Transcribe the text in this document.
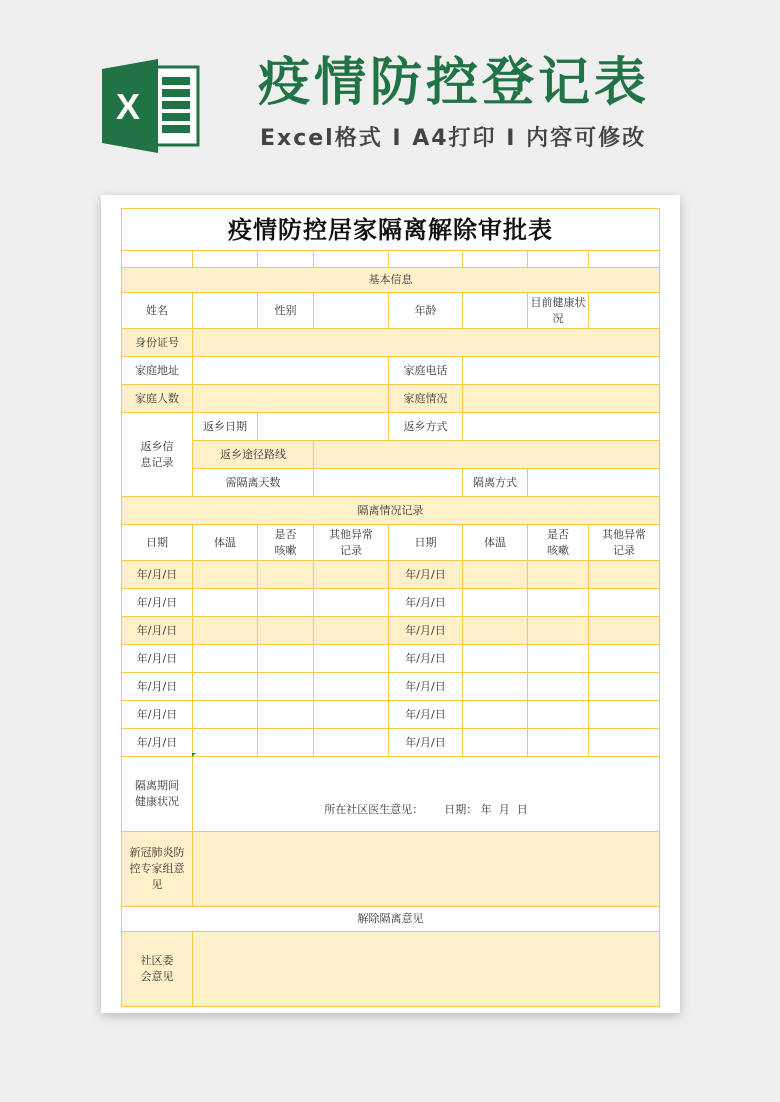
X 疫情防控登记表
Excel格式 I A4打印 I 内容可修改
疫情防控居家隔离解除审批表							

基本信息							
姓名		性别		年龄		目前健康状况	
身份证号							
家庭地址				家庭电话			
家庭人数				家庭情况			
返乡信息记录	返乡日期			返乡方式			
	返乡途径路线						
	需隔离天数				隔离方式		
隔离情况记录							
日期	体温	是否咳嗽	其他异常记录	日期	体温	是否咳嗽	其他异常记录
年/月/日				年/月/日			
年/月/日				年/月/日			
年/月/日				年/月/日			
年/月/日				年/月/日			
年/月/日				年/月/日			
年/月/日				年/月/日			
年/月/日				年/月/日			
隔离期间健康状况	所在社区医生意见：      日期： 年  月  日						

新冠肺炎防控专家组意见							
解除隔离意见							
社区委会意见							
